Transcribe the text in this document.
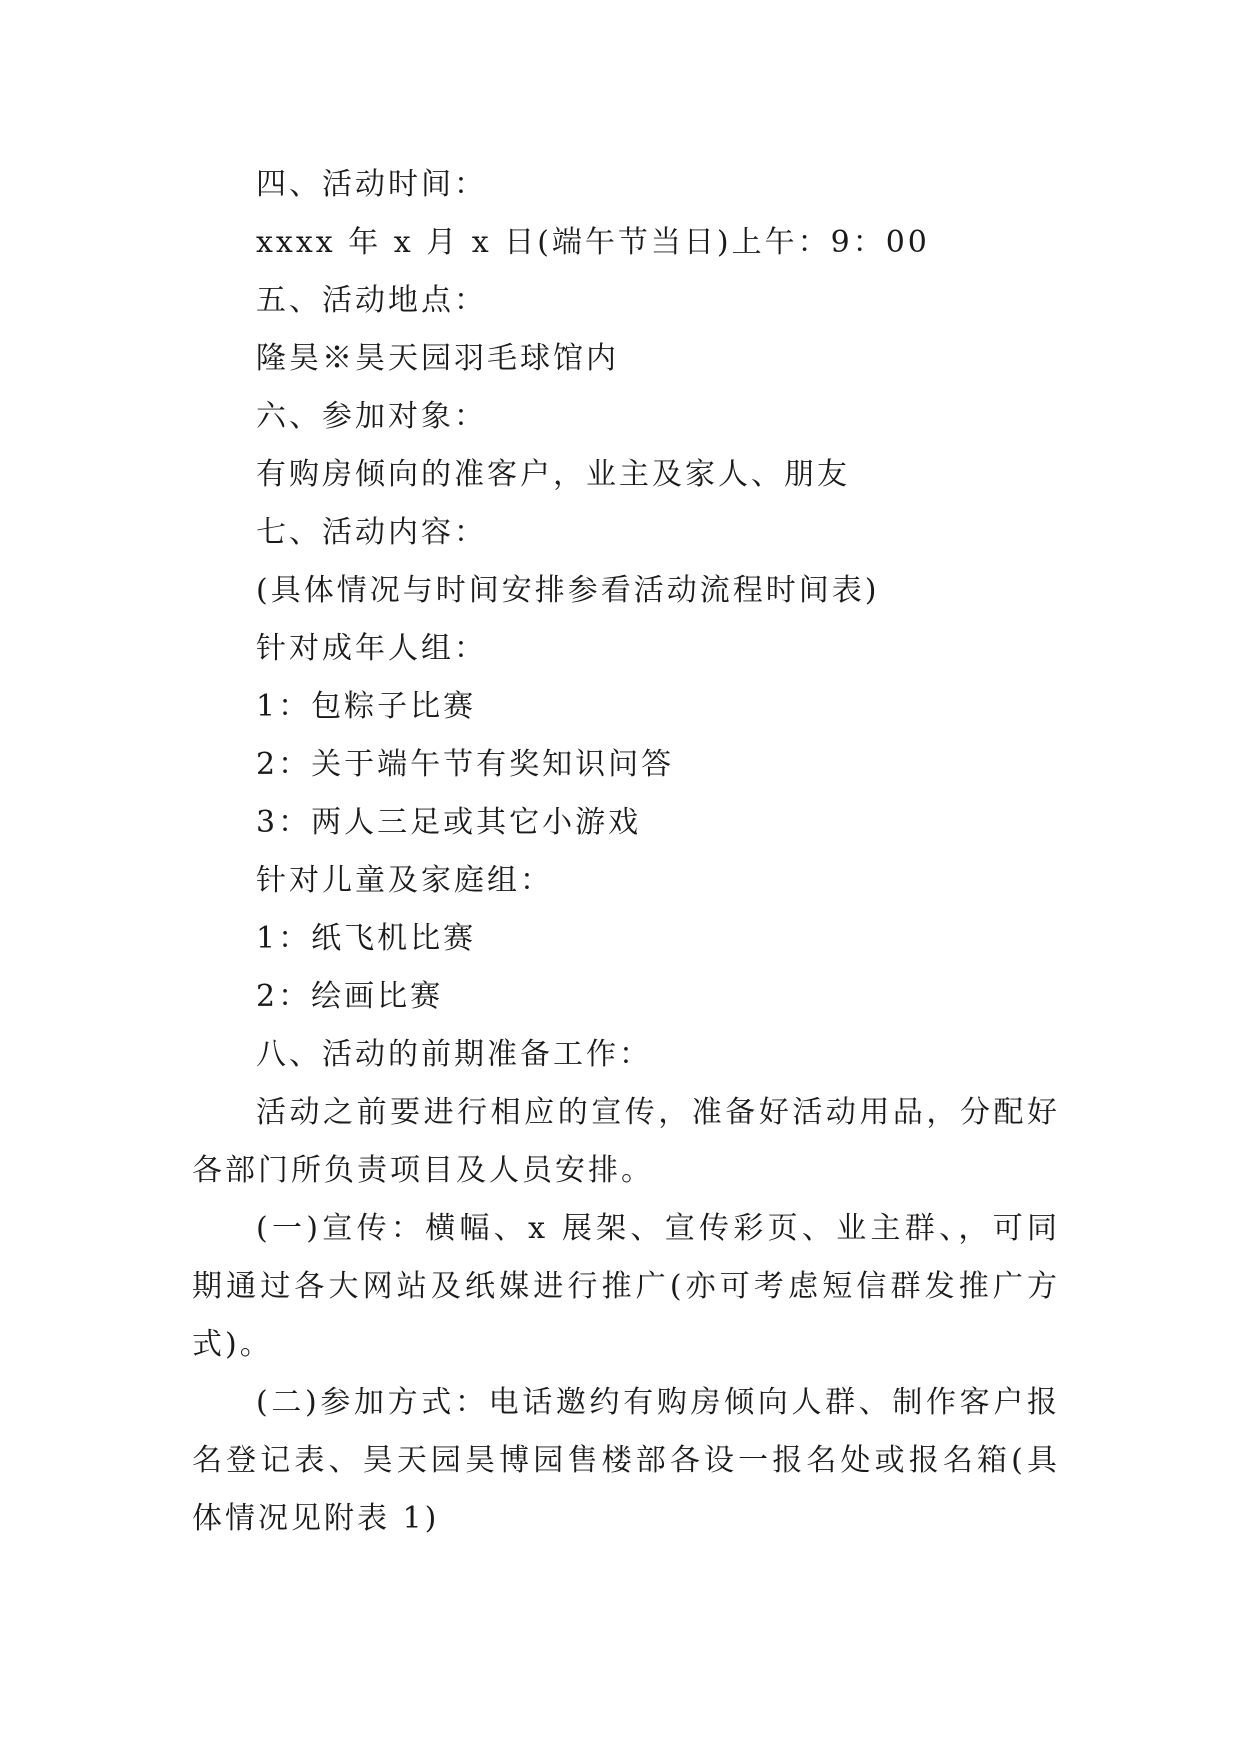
四、活动时间：

xxxx 年 x 月 x 日(端午节当日)上午：9：00

五、活动地点：

隆昊※昊天园羽毛球馆内

六、参加对象：

有购房倾向的准客户，业主及家人、朋友

七、活动内容：

(具体情况与时间安排参看活动流程时间表)

针对成年人组：

1：包粽子比赛

2：关于端午节有奖知识问答

3：两人三足或其它小游戏

针对儿童及家庭组：

1：纸飞机比赛

2：绘画比赛

八、活动的前期准备工作：

活动之前要进行相应的宣传，准备好活动用品，分配好各部门所负责项目及人员安排。

(一)宣传：横幅、x 展架、宣传彩页、业主群、，可同期通过各大网站及纸媒进行推广(亦可考虑短信群发推广方式)。

(二)参加方式：电话邀约有购房倾向人群、制作客户报名登记表、昊天园昊博园售楼部各设一报名处或报名箱(具体情况见附表 1)
